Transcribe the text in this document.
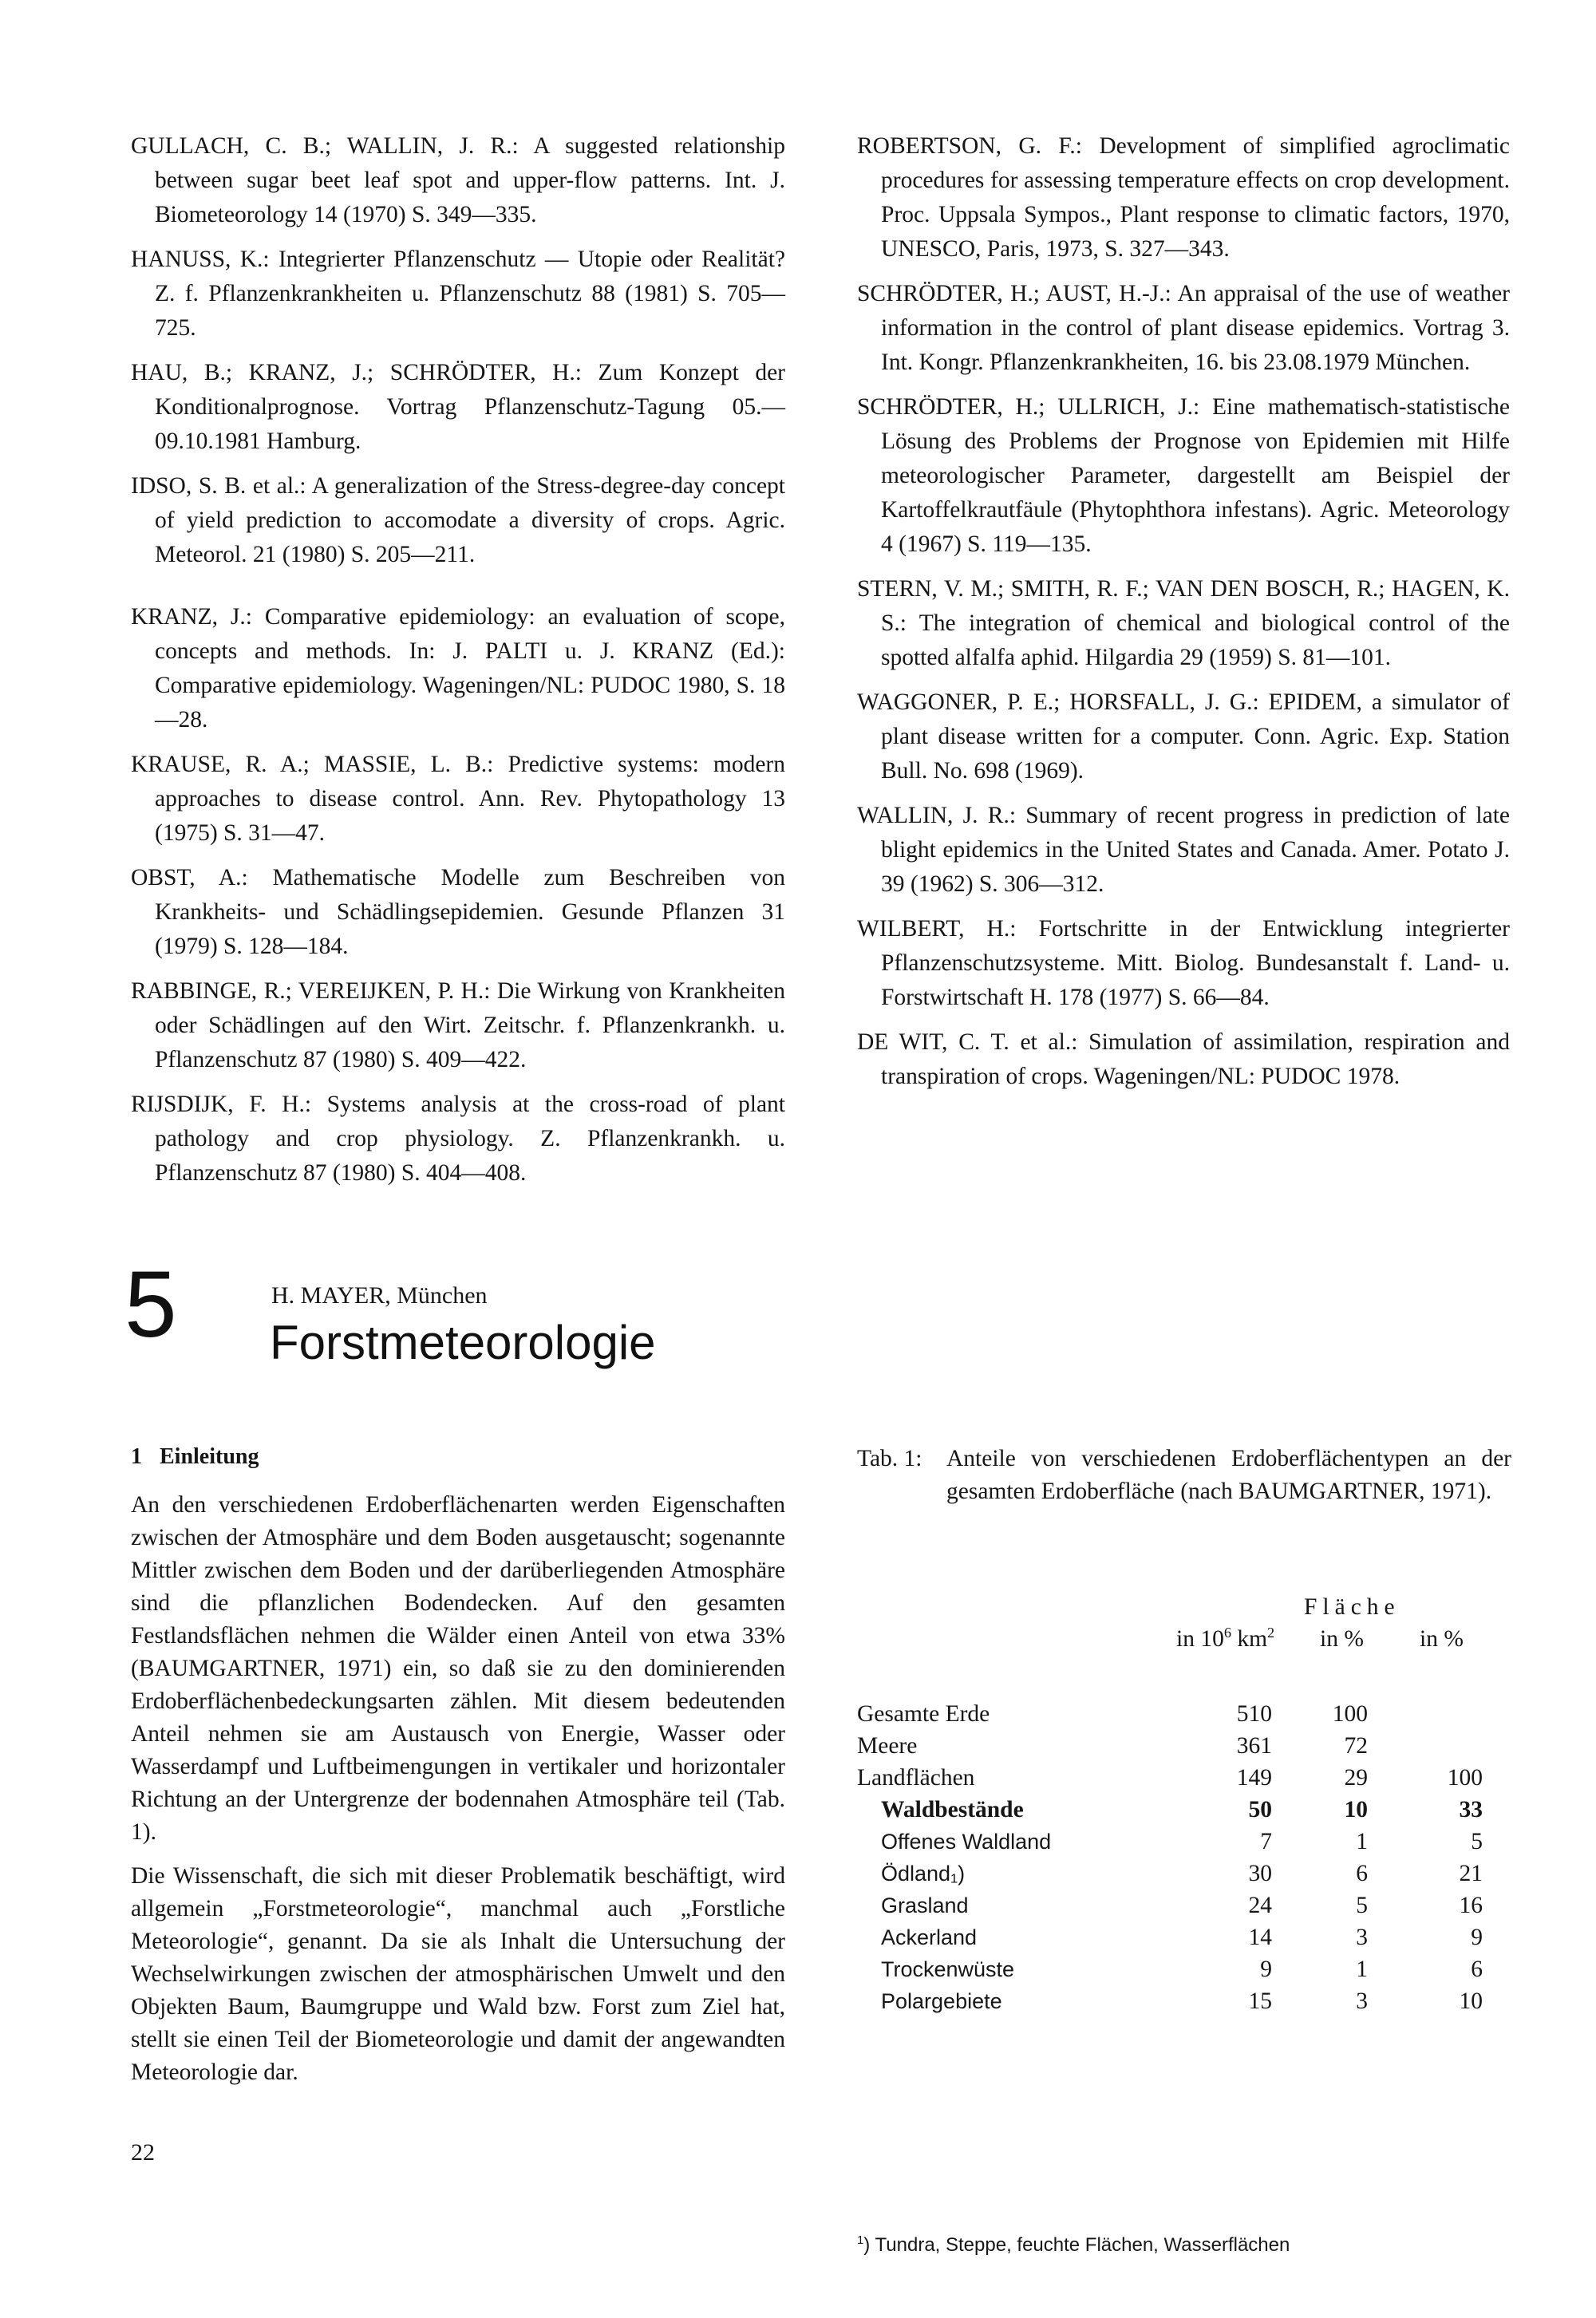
GULLACH, C. B.; WALLIN, J. R.: A suggested relationship between sugar beet leaf spot and upper-flow patterns. Int. J. Biometeorology 14 (1970) S. 349—335.

HANUSS, K.: Integrierter Pflanzenschutz — Utopie oder Realität? Z. f. Pflanzenkrankheiten u. Pflanzenschutz 88 (1981) S. 705—725.

HAU, B.; KRANZ, J.; SCHRÖDTER, H.: Zum Konzept der Konditionalprognose. Vortrag Pflanzenschutz-Tagung 05.—09.10.1981 Hamburg.

IDSO, S. B. et al.: A generalization of the Stress-degree-day concept of yield prediction to accomodate a diversity of crops. Agric. Meteorol. 21 (1980) S. 205—211.

KRANZ, J.: Comparative epidemiology: an evaluation of scope, concepts and methods. In: J. PALTI u. J. KRANZ (Ed.): Comparative epidemiology. Wageningen/NL: PUDOC 1980, S. 18—28.

KRAUSE, R. A.; MASSIE, L. B.: Predictive systems: modern approaches to disease control. Ann. Rev. Phytopathology 13 (1975) S. 31—47.

OBST, A.: Mathematische Modelle zum Beschreiben von Krankheits- und Schädlingsepidemien. Gesunde Pflanzen 31 (1979) S. 128—184.

RABBINGE, R.; VEREIJKEN, P. H.: Die Wirkung von Krankheiten oder Schädlingen auf den Wirt. Zeitschr. f. Pflanzenkrankh. u. Pflanzenschutz 87 (1980) S. 409—422.

RIJSDIJK, F. H.: Systems analysis at the cross-road of plant pathology and crop physiology. Z. Pflanzenkrankh. u. Pflanzenschutz 87 (1980) S. 404—408.

ROBERTSON, G. F.: Development of simplified agroclimatic procedures for assessing temperature effects on crop development. Proc. Uppsala Sympos., Plant response to climatic factors, 1970, UNESCO, Paris, 1973, S. 327—343.

SCHRÖDTER, H.; AUST, H.-J.: An appraisal of the use of weather information in the control of plant disease epidemics. Vortrag 3. Int. Kongr. Pflanzenkrankheiten, 16. bis 23.08.1979 München.

SCHRÖDTER, H.; ULLRICH, J.: Eine mathematisch-statistische Lösung des Problems der Prognose von Epidemien mit Hilfe meteorologischer Parameter, dargestellt am Beispiel der Kartoffelkrautfäule (Phytophthora infestans). Agric. Meteorology 4 (1967) S. 119—135.

STERN, V. M.; SMITH, R. F.; VAN DEN BOSCH, R.; HAGEN, K. S.: The integration of chemical and biological control of the spotted alfalfa aphid. Hilgardia 29 (1959) S. 81—101.

WAGGONER, P. E.; HORSFALL, J. G.: EPIDEM, a simulator of plant disease written for a computer. Conn. Agric. Exp. Station Bull. No. 698 (1969).

WALLIN, J. R.: Summary of recent progress in prediction of late blight epidemics in the United States and Canada. Amer. Potato J. 39 (1962) S. 306—312.

WILBERT, H.: Fortschritte in der Entwicklung integrierter Pflanzenschutzsysteme. Mitt. Biolog. Bundesanstalt f. Land- u. Forstwirtschaft H. 178 (1977) S. 66—84.

DE WIT, C. T. et al.: Simulation of assimilation, respiration and transpiration of crops. Wageningen/NL: PUDOC 1978.

5	H. MAYER, München
Forstmeteorologie
1 Einleitung

An den verschiedenen Erdoberflächenarten werden Eigenschaften zwischen der Atmosphäre und dem Boden ausgetauscht; sogenannte Mittler zwischen dem Boden und der darüberliegenden Atmosphäre sind die pflanzlichen Bodendecken. Auf den gesamten Festlandsflächen nehmen die Wälder einen Anteil von etwa 33% (BAUMGARTNER, 1971) ein, so daß sie zu den dominierenden Erdoberflächenbedeckungsarten zählen. Mit diesem bedeutenden Anteil nehmen sie am Austausch von Energie, Wasser oder Wasserdampf und Luftbeimengungen in vertikaler und horizontaler Richtung an der Untergrenze der bodennahen Atmosphäre teil (Tab. 1).

Die Wissenschaft, die sich mit dieser Problematik beschäftigt, wird allgemein „Forstmeteorologie“, manchmal auch „Forstliche Meteorologie“, genannt. Da sie als Inhalt die Untersuchung der Wechselwirkungen zwischen der atmosphärischen Umwelt und den Objekten Baum, Baumgruppe und Wald bzw. Forst zum Ziel hat, stellt sie einen Teil der Biometeorologie und damit der angewandten Meteorologie dar.

Tab. 1:	Anteile von verschiedenen Erdoberflächentypen an der gesamten Erdoberfläche (nach BAUMGARTNER, 1971).
Fläche
in $10^6$ $km^2$ in % in %
Gesamte Erde	510	100
Meere	361	72
Landflächen	149	29	100
Waldbestände	50	10	33
Offenes Waldland	7	1	5
Ödland₁)	30	6	21
Grasland	24	5	16
Ackerland	14	3	9
Trockenwüste	9	1	6
Polargebiete	15	3	10
$^1$) Tundra, Steppe, feuchte Flächen, Wasserflächen
22
